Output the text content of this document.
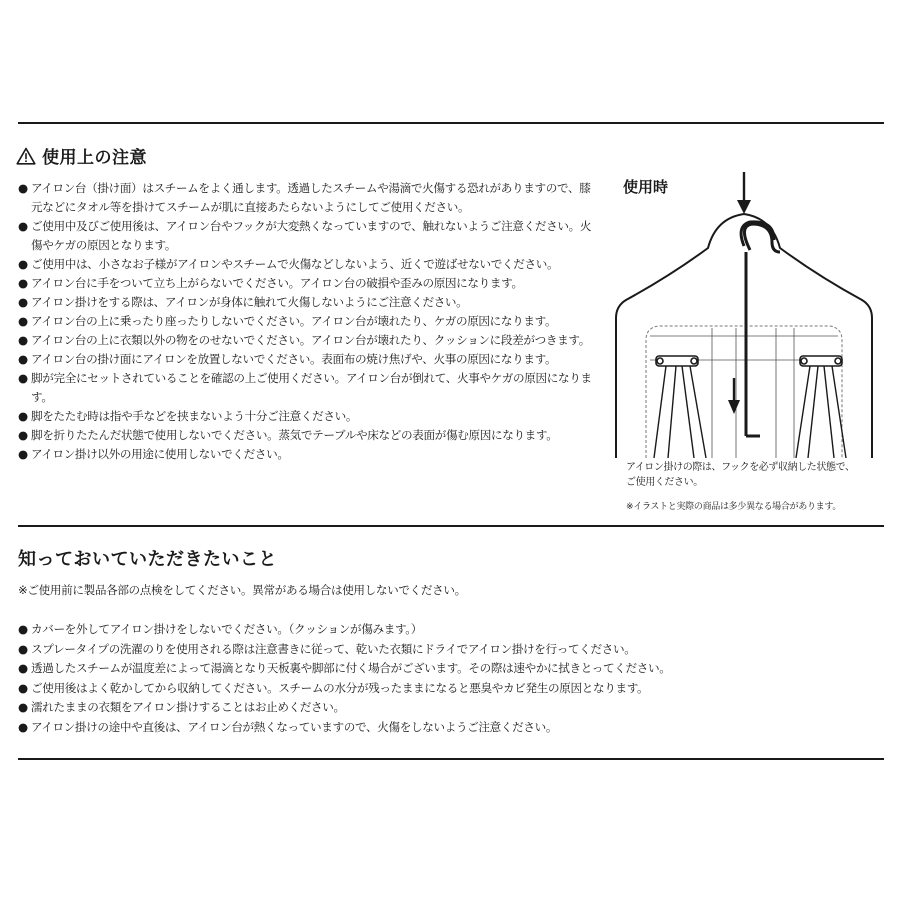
使用上の注意
● アイロン台（掛け面）はスチームをよく通します。透過したスチームや湯滴で火傷する恐れがありますので、膝元などにタオル等を掛けてスチームが肌に直接あたらないようにしてご使用ください。
● ご使用中及びご使用後は、アイロン台やフックが大変熱くなっていますので、触れないようご注意ください。火傷やケガの原因となります。
● ご使用中は、小さなお子様がアイロンやスチームで火傷などしないよう、近くで遊ばせないでください。
● アイロン台に手をついて立ち上がらないでください。アイロン台の破損や歪みの原因になります。
● アイロン掛けをする際は、アイロンが身体に触れて火傷しないようにご注意ください。
● アイロン台の上に乗ったり座ったりしないでください。アイロン台が壊れたり、ケガの原因になります。
● アイロン台の上に衣類以外の物をのせないでください。アイロン台が壊れたり、クッションに段差がつきます。
● アイロン台の掛け面にアイロンを放置しないでください。表面布の焼け焦げや、火事の原因になります。
● 脚が完全にセットされていることを確認の上ご使用ください。アイロン台が倒れて、火事やケガの原因になります。
● 脚をたたむ時は指や手などを挟まないよう十分ご注意ください。
● 脚を折りたたんだ状態で使用しないでください。蒸気でテーブルや床などの表面が傷む原因になります。
● アイロン掛け以外の用途に使用しないでください。
使用時
アイロン掛けの際は、フックを必ず収納した状態で、
ご使用ください。
※イラストと実際の商品は多少異なる場合があります。
知っておいていただきたいこと
※ご使用前に製品各部の点検をしてください。異常がある場合は使用しないでください。
● カバーを外してアイロン掛けをしないでください。（クッションが傷みます。）
● スプレータイプの洗濯のりを使用される際は注意書きに従って、乾いた衣類にドライでアイロン掛けを行ってください。
● 透過したスチームが温度差によって湯滴となり天板裏や脚部に付く場合がございます。その際は速やかに拭きとってください。
● ご使用後はよく乾かしてから収納してください。スチームの水分が残ったままになると悪臭やカビ発生の原因となります。
● 濡れたままの衣類をアイロン掛けすることはお止めください。
● アイロン掛けの途中や直後は、アイロン台が熱くなっていますので、火傷をしないようご注意ください。
